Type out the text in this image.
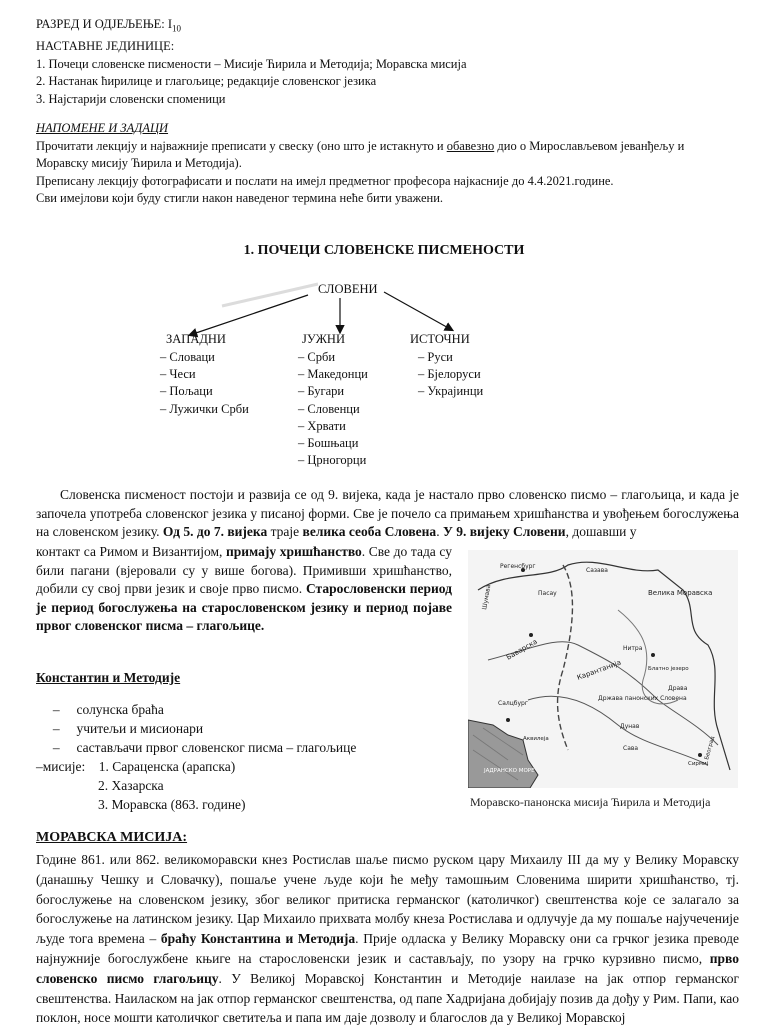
РАЗРЕД И ОДЈЕЉЕЊЕ: $I_{10}$
НАСТАВНЕ ЈЕДИНИЦЕ:
1. Почеци словенске писмености – Мисије Ћирила и Методија; Моравска мисија
2. Настанак ћирилице и глагољице; редакције словенског језика
3. Најстарији словенски споменици
НАПОМЕНЕ И ЗАДАЦИ
Прочитати лекцију и најважније преписати у свеску (оно што је истакнуто и обавезно дио о Мирослављевом јеванђељу и Моравску мисију Ћирила и Методија).
Преписану лекцију фотографисати и послати на имејл предметног професора најкасније до 4.4.2021.године.
Сви имејлови који буду стигли након наведеног термина неће бити уважени.
1. ПОЧЕЦИ СЛОВЕНСКЕ ПИСМЕНОСТИ
СЛОВЕНИ
ЗАПАДНИ	ЈУЖНИ	ИСТОЧНИ
– Словаци
– Чеси
– Пољаци
– Лужички Срби
– Срби
– Македонци
– Бугари
– Словенци
– Хрвати
– Бошњаци
– Црногорци
– Руси
– Бјелоруси
– Украјинци

Словенска писменост постоји и развија се од 9. вијека, када је настало прво словенско писмо – глагољица, и када је започела употреба словенског језика у писаној форми. Све је почело са примањем хришћанства и увођењем богослужења на словенском језику. Од 5. до 7. вијека траје велика сеоба Словена. У 9. вијеку Словени, дошавши у

контакт са Римом и Византијом, примају хришћанство. Све до тада су били пагани (вјеровали су у више богова). Примивши хришћанство, добили су свој први језик и своје прво писмо. Старословенски период је период богослужења на старословенском језику и период појаве првог словенског писма – глагољице.

Велика Моравска
Баварска
Карантанија
Држава панонских Словена
ЈАДРАНСКО МОРЕ
Шумава
Сазава
Регенсбург
Нитра
Блатно језеро
Дунав
Сава
Драва
Београд
Сирмиј
Салцбург
Пасау
Аквилеја
Моравско-панонска мисија Ћирила и Методија
Константин и Методије
–     солунска браћа
–     учитељи и мисионари
–     састављачи првог словенског писма – глагољице
–мисије: 1. Сараценска (арапска)
2. Хазарска
3. Моравска (863. године)
МОРАВСКА МИСИЈА:
Године 861. или 862. великоморавски кнез Ростислав шаље писмо руском цару Михаилу III да му у Велику Моравску (данашњу Чешку и Словачку), пошаље учене људе који ће међу тамошњим Словенима ширити хришћанство, тј. богослужење на словенском језику, због великог притиска германског (католичког) свештенства које се залагало за богослужење на латинском језику. Цар Михаило прихвата молбу кнеза Ростислава и одлучује да му пошаље најучеченије људе тога времена – браћу Константина и Методија. Прије одласка у Велику Моравску они са грчког језика преводе најнужније богослужбене књиге на старословенски језик и састављају, по узору на грчко курзивно писмо, прво словенско писмо глагољицу. У Великој Моравској Константин и Методије наилазе на јак отпор германског свештенства. Наиласком на јак отпор германског свештенства, од папе Хадријана добијају позив да дођу у Рим. Папи, као поклон, носе мошти католичког светитеља и папа им даје дозволу и благослов да у Великој Моравској
